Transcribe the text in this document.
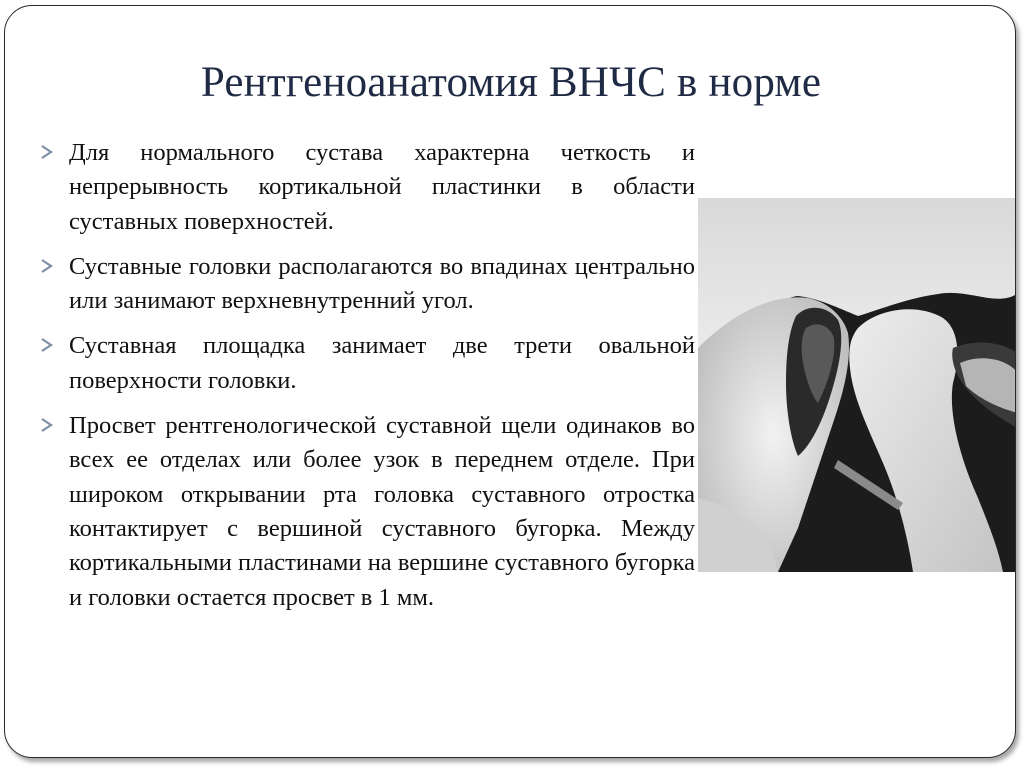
Рентгеноанатомия ВНЧС в норме
Для нормального сустава характерна четкость и непрерывность кортикальной пластинки в области суставных поверхностей.
Суставные головки располагаются во впадинах центрально или занимают верхневнутренний угол.
Суставная площадка занимает две трети овальной поверхности головки.
Просвет рентгенологической суставной щели одинаков во всех ее отделах или более узок в переднем отделе. При широком открывании рта головка суставного отростка контактирует с вершиной суставного бугорка. Между кортикальными пластинами на вершине суставного бугорка и головки остается просвет в 1 мм.
